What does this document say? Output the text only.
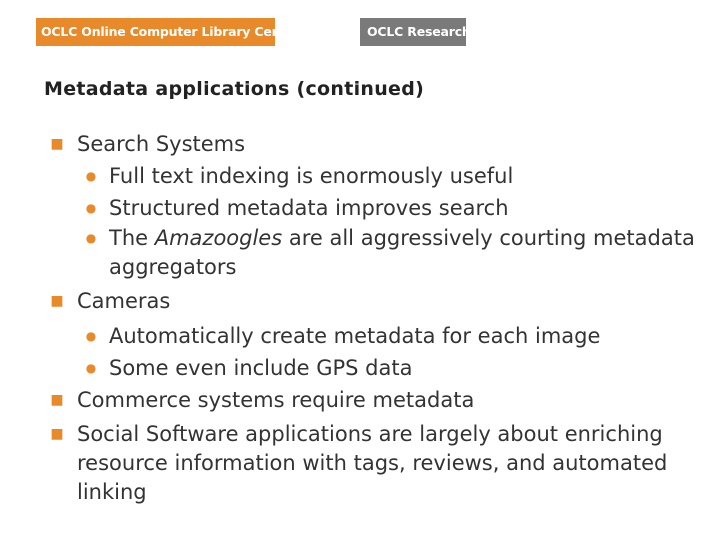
OCLC Online Computer Library Center	OCLC Research
Metadata applications (continued)
■ Search Systems
● Full text indexing is enormously useful
● Structured metadata improves search
● The Amazoogles are all aggressively courting metadata aggregators
■ Cameras
● Automatically create metadata for each image
● Some even include GPS data
■ Commerce systems require metadata
■ Social Software applications are largely about enriching resource information with tags, reviews, and automated linking
